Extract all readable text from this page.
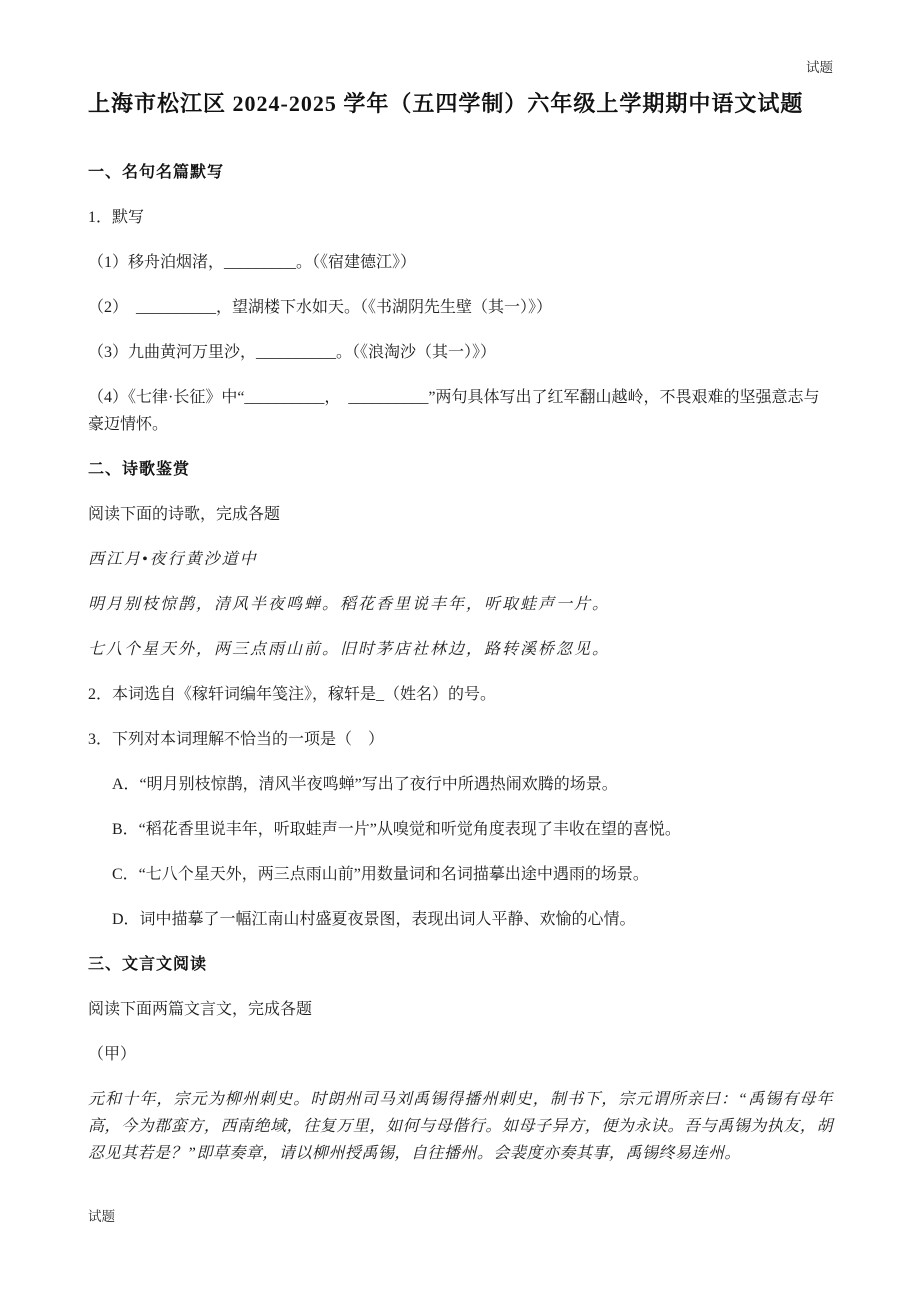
试题
上海市松江区 2024-2025 学年（五四学制）六年级上学期期中语文试题
一、名句名篇默写

1．默写

（1）移舟泊烟渚，_________。（《宿建德江》）

（2）　__________，望湖楼下水如天。（《书湖阴先生壁（其一）》）

（3）九曲黄河万里沙，__________。（《浪淘沙（其一）》）

（4）《七律·长征》中“__________，　__________”两句具体写出了红军翻山越岭，不畏艰难的坚强意志与豪迈情怀。

二、诗歌鉴赏

阅读下面的诗歌，完成各题

西江月•夜行黄沙道中

明月别枝惊鹊，清风半夜鸣蝉。稻花香里说丰年，听取蛙声一片。

七八个星天外，两三点雨山前。旧时茅店社林边，路转溪桥忽见。

2．本词选自《稼轩词编年笺注》，稼轩是_（姓名）的号。

3．下列对本词理解不恰当的一项是（　）

A．“明月别枝惊鹊，清风半夜鸣蝉”写出了夜行中所遇热闹欢腾的场景。

B．“稻花香里说丰年，听取蛙声一片”从嗅觉和听觉角度表现了丰收在望的喜悦。

C．“七八个星天外，两三点雨山前”用数量词和名词描摹出途中遇雨的场景。

D．词中描摹了一幅江南山村盛夏夜景图，表现出词人平静、欢愉的心情。

三、文言文阅读

阅读下面两篇文言文，完成各题

（甲）

元和十年，宗元为柳州刺史。时朗州司马刘禹锡得播州刺史，制书下，宗元谓所亲曰：“禹锡有母年高，今为郡蛮方，西南绝域，往复万里，如何与母偕行。如母子异方，便为永诀。吾与禹锡为执友，胡忍见其若是？”即草奏章，请以柳州授禹锡，自往播州。会裴度亦奏其事，禹锡终易连州。

试题
